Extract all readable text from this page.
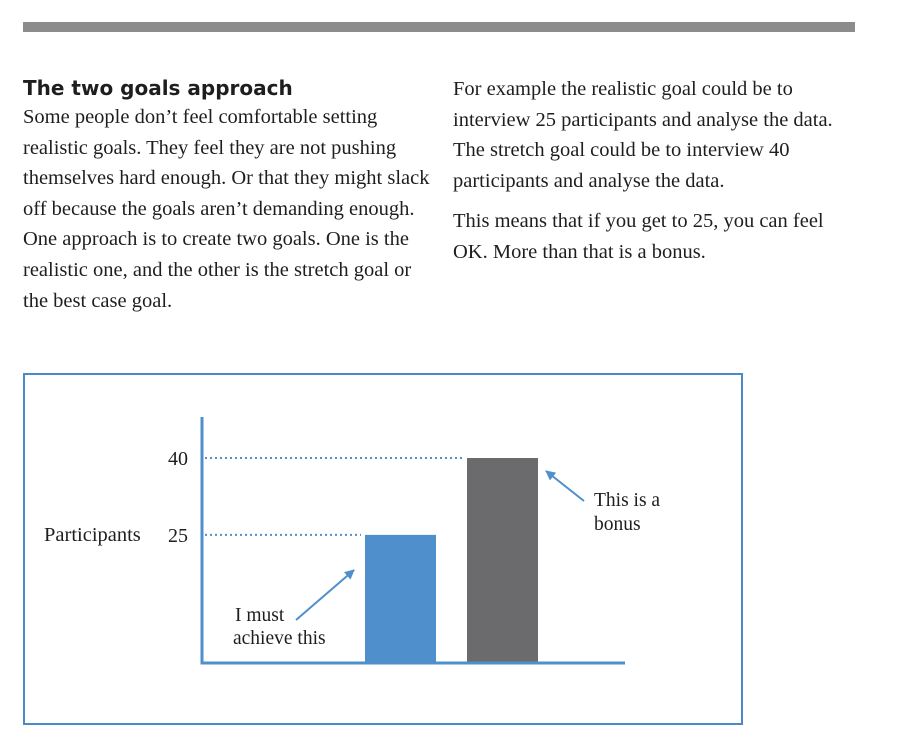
The two goals approach

Some people don’t feel comfortable setting realistic goals. They feel they are not pushing themselves hard enough. Or that they might slack off because the goals aren’t demanding enough. One approach is to create two goals. One is the realistic one, and the other is the stretch goal or the best case goal.

For example the realistic goal could be to interview 25 participants and analyse the data. The stretch goal could be to interview 40 participants and analyse the data.

This means that if you get to 25, you can feel OK. More than that is a bonus.

25
40
Participants
I must achieve this
This is a bonus
